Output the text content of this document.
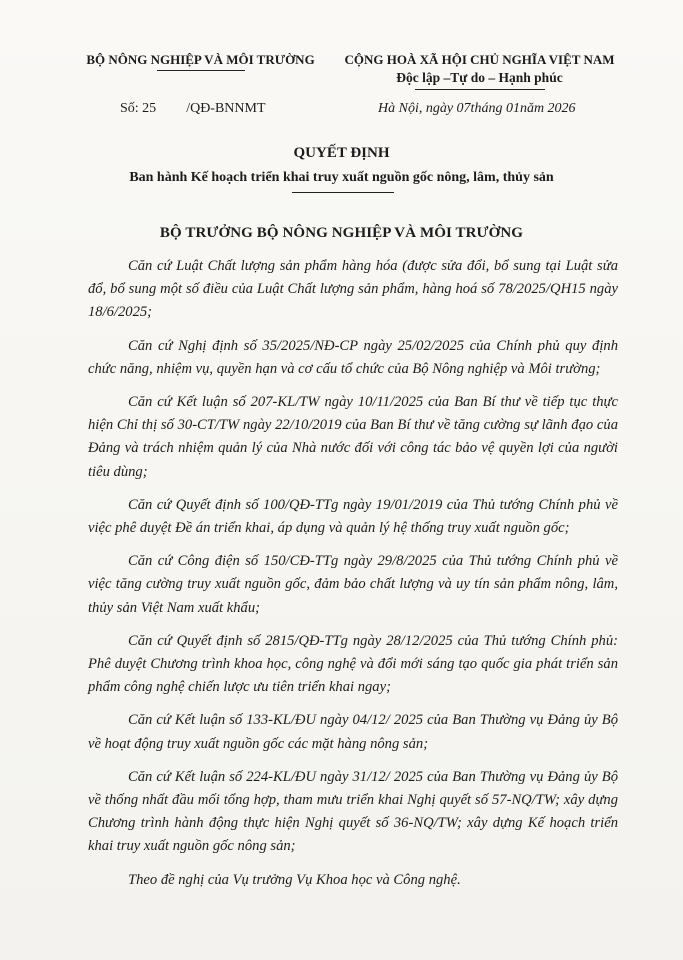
BỘ NÔNG NGHIỆP VÀ MÔI TRƯỜNG	CỘNG HOÀ XÃ HỘI CHỦ NGHĨA VIỆT NAM
Độc lập –Tự do – Hạnh phúc
Số: 25 /QĐ-BNNMT	Hà Nội, ngày 07tháng 01năm 2026
QUYẾT ĐỊNH
Ban hành Kế hoạch triển khai truy xuất nguồn gốc nông, lâm, thủy sản
BỘ TRƯỞNG BỘ NÔNG NGHIỆP VÀ MÔI TRƯỜNG

Căn cứ Luật Chất lượng sản phẩm hàng hóa (được sửa đổi, bổ sung tại Luật sửa đổ, bổ sung một số điều của Luật Chất lượng sản phẩm, hàng hoá số 78/2025/QH15 ngày 18/6/2025;

Căn cứ Nghị định số 35/2025/NĐ-CP ngày 25/02/2025 của Chính phủ quy định chức năng, nhiệm vụ, quyền hạn và cơ cấu tổ chức của Bộ Nông nghiệp và Môi trường;

Căn cứ Kết luận số 207-KL/TW ngày 10/11/2025 của Ban Bí thư về tiếp tục thực hiện Chỉ thị số 30-CT/TW ngày 22/10/2019 của Ban Bí thư về tăng cường sự lãnh đạo của Đảng và trách nhiệm quản lý của Nhà nước đối với công tác bảo vệ quyền lợi của người tiêu dùng;

Căn cứ Quyết định số 100/QĐ-TTg ngày 19/01/2019 của Thủ tướng Chính phủ về việc phê duyệt Đề án triển khai, áp dụng và quản lý hệ thống truy xuất nguồn gốc;

Căn cứ Công điện số 150/CĐ-TTg ngày 29/8/2025 của Thủ tướng Chính phủ về việc tăng cường truy xuất nguồn gốc, đảm bảo chất lượng và uy tín sản phẩm nông, lâm, thủy sản Việt Nam xuất khẩu;

Căn cứ Quyết định số 2815/QĐ-TTg ngày 28/12/2025 của Thủ tướng Chính phủ: Phê duyệt Chương trình khoa học, công nghệ và đổi mới sáng tạo quốc gia phát triển sản phẩm công nghệ chiến lược ưu tiên triển khai ngay;

Căn cứ Kết luận số 133-KL/ĐU ngày 04/12/ 2025 của Ban Thường vụ Đảng ủy Bộ về hoạt động truy xuất nguồn gốc các mặt hàng nông sản;

Căn cứ Kết luận số 224-KL/ĐU ngày 31/12/ 2025 của Ban Thường vụ Đảng ủy Bộ về thống nhất đầu mối tổng hợp, tham mưu triển khai Nghị quyết số 57-NQ/TW; xây dựng Chương trình hành động thực hiện Nghị quyết số 36-NQ/TW; xây dựng Kế hoạch triển khai truy xuất nguồn gốc nông sản;

Theo đề nghị của Vụ trưởng Vụ Khoa học và Công nghệ.
